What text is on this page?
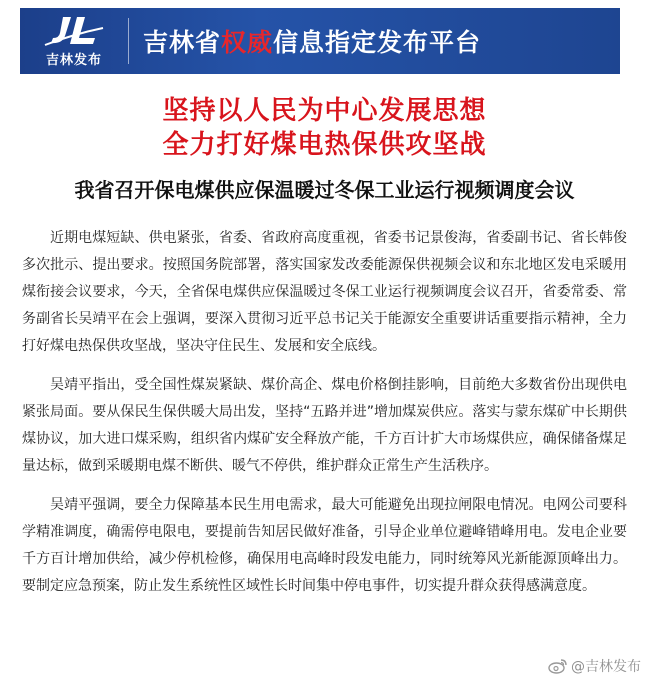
吉林发布
吉林省权威信息指定发布平台
坚持以人民为中心发展思想
全力打好煤电热保供攻坚战
我省召开保电煤供应保温暖过冬保工业运行视频调度会议

近期电煤短缺、供电紧张，省委、省政府高度重视，省委书记景俊海，省委副书记、省长韩俊多次批示、提出要求。按照国务院部署，落实国家发改委能源保供视频会议和东北地区发电采暖用煤衔接会议要求，今天，全省保电煤供应保温暖过冬保工业运行视频调度会议召开，省委常委、常务副省长吴靖平在会上强调，要深入贯彻习近平总书记关于能源安全重要讲话重要指示精神，全力打好煤电热保供攻坚战，坚决守住民生、发展和安全底线。

吴靖平指出，受全国性煤炭紧缺、煤价高企、煤电价格倒挂影响，目前绝大多数省份出现供电紧张局面。要从保民生保供暖大局出发，坚持“五路并进”增加煤炭供应。落实与蒙东煤矿中长期供煤协议，加大进口煤采购，组织省内煤矿安全释放产能，千方百计扩大市场煤供应，确保储备煤足量达标，做到采暖期电煤不断供、暖气不停供，维护群众正常生产生活秩序。

吴靖平强调，要全力保障基本民生用电需求，最大可能避免出现拉闸限电情况。电网公司要科学精准调度，确需停电限电，要提前告知居民做好准备，引导企业单位避峰错峰用电。发电企业要千方百计增加供给，减少停机检修，确保用电高峰时段发电能力，同时统筹风光新能源顶峰出力。要制定应急预案，防止发生系统性区域性长时间集中停电事件，切实提升群众获得感满意度。

@吉林发布
